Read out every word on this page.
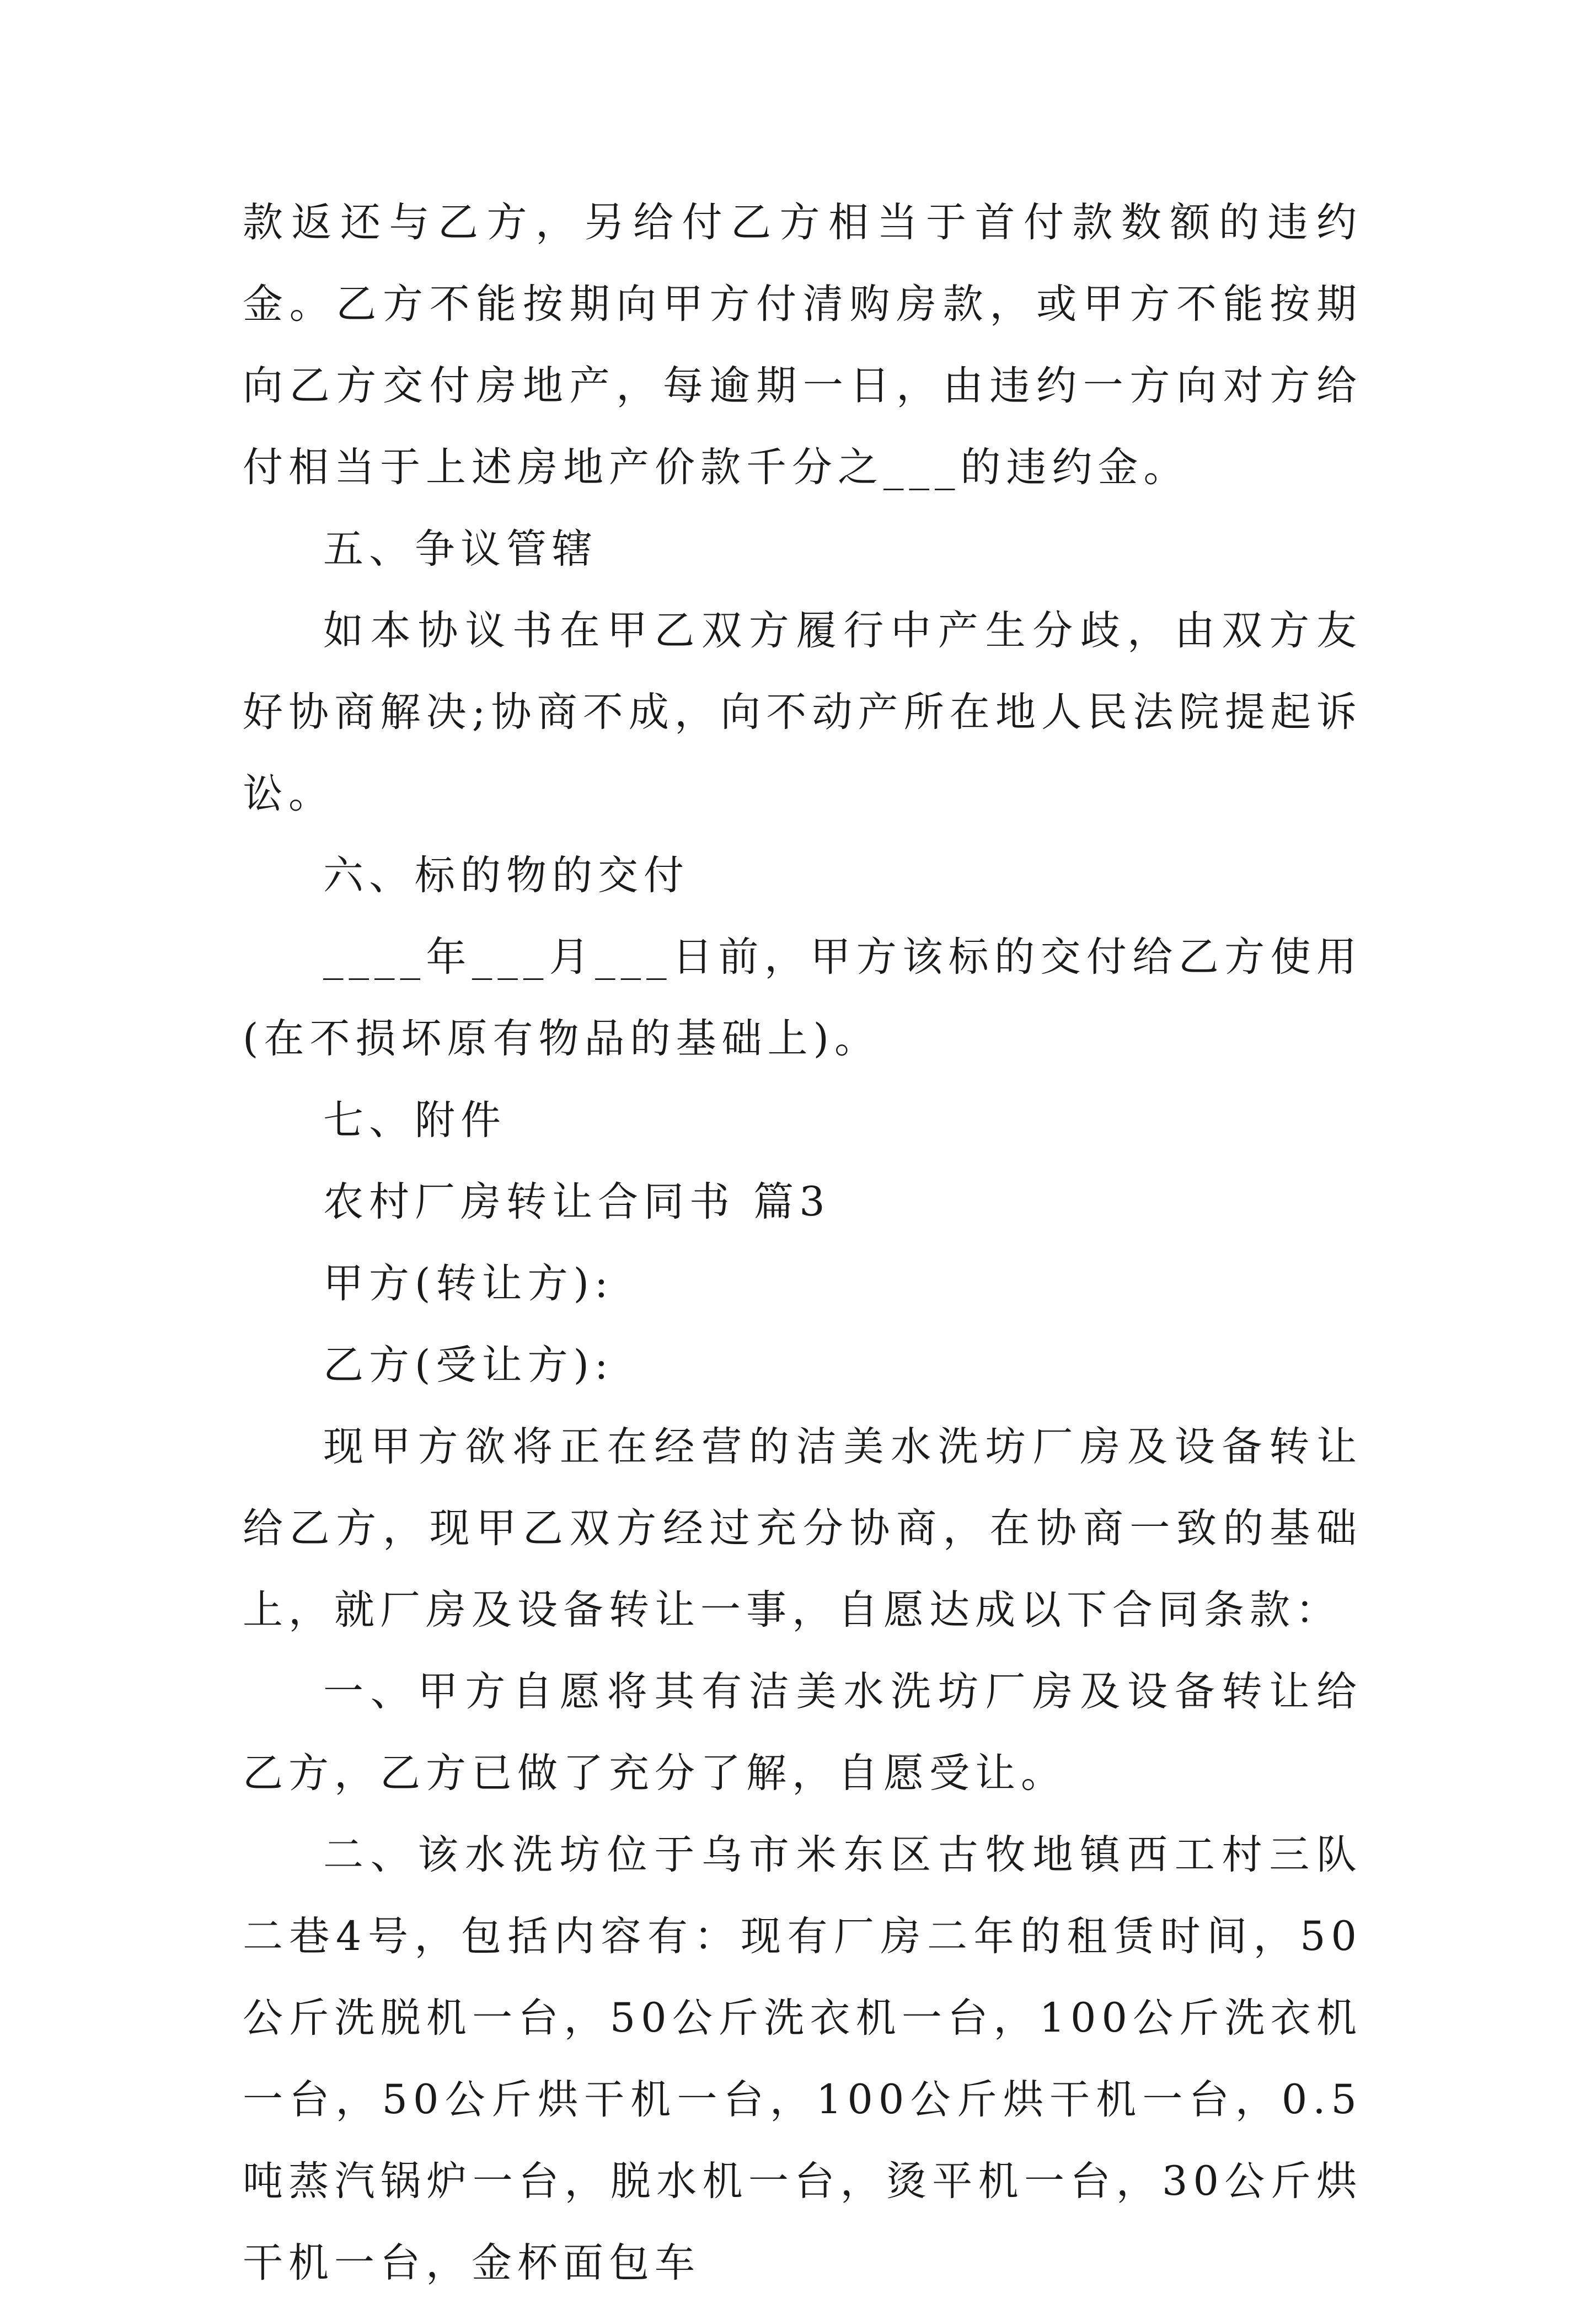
款返还与乙方，另给付乙方相当于首付款数额的违约金。乙方不能按期向甲方付清购房款，或甲方不能按期向乙方交付房地产，每逾期一日，由违约一方向对方给付相当于上述房地产价款千分之___的违约金。

五、争议管辖

如本协议书在甲乙双方履行中产生分歧，由双方友好协商解决;协商不成，向不动产所在地人民法院提起诉讼。

六、标的物的交付

____年___月___日前，甲方该标的交付给乙方使用(在不损坏原有物品的基础上)。

七、附件

农村厂房转让合同书 篇3

甲方(转让方):

乙方(受让方):

现甲方欲将正在经营的洁美水洗坊厂房及设备转让给乙方，现甲乙双方经过充分协商，在协商一致的基础上，就厂房及设备转让一事，自愿达成以下合同条款：

一、甲方自愿将其有洁美水洗坊厂房及设备转让给乙方，乙方已做了充分了解，自愿受让。

二、该水洗坊位于乌市米东区古牧地镇西工村三队二巷4号，包括内容有：现有厂房二年的租赁时间，50公斤洗脱机一台，50公斤洗衣机一台，100公斤洗衣机一台，50公斤烘干机一台，100公斤烘干机一台，0.5吨蒸汽锅炉一台，脱水机一台，烫平机一台，30公斤烘干机一台，金杯面包车
